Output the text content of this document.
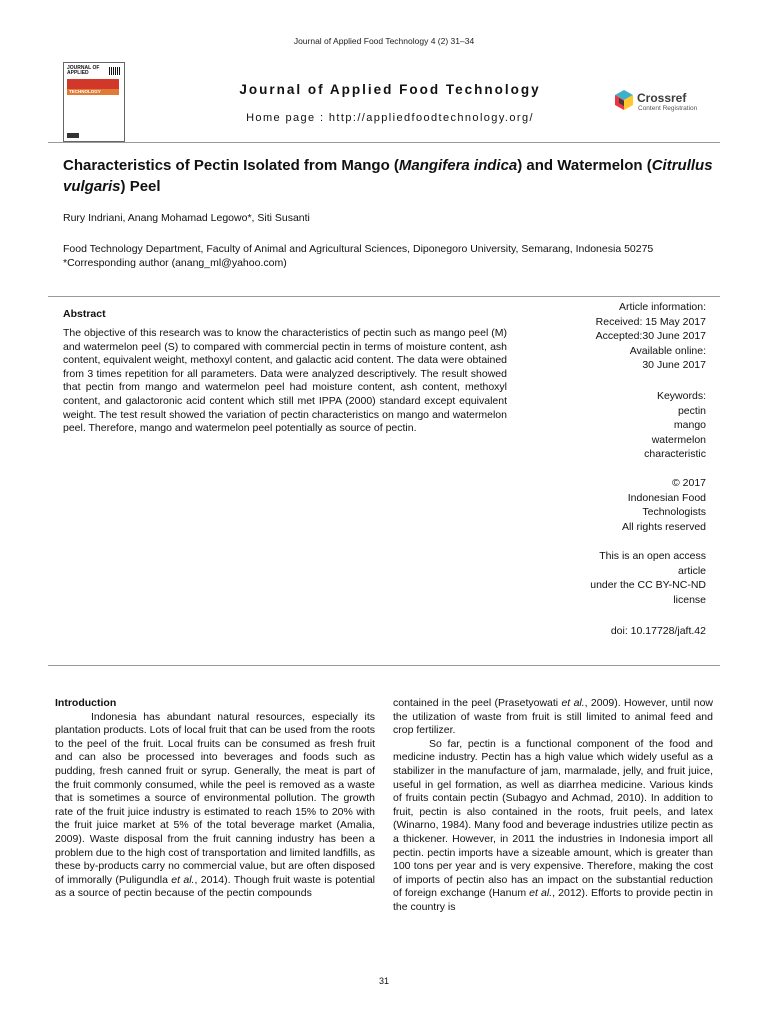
Journal of Applied Food Technology 4 (2) 31–34
JOURNAL OF APPLIED
TECHNOLOGY	Journal of Applied Food Technology
Home page : http://appliedfoodtechnology.org/
Crossref
Content Registration
Characteristics of Pectin Isolated from Mango (Mangifera indica) and Watermelon (Citrullus vulgaris) Peel
Rury Indriani, Anang Mohamad Legowo*, Siti Susanti
Food Technology Department, Faculty of Animal and Agricultural Sciences, Diponegoro University, Semarang, Indonesia 50275
*Corresponding author (anang_ml@yahoo.com)
Abstract
The objective of this research was to know the characteristics of pectin such as mango peel (M) and watermelon peel (S) to compared with commercial pectin in terms of moisture content, ash content, equivalent weight, methoxyl content, and galactic acid content. The data were obtained from 3 times repetition for all parameters. Data were analyzed descriptively. The result showed that pectin from mango and watermelon peel had moisture content, ash content, methoxyl content, and galactoronic acid content which still met IPPA (2000) standard except equivalent weight. The test result showed the variation of pectin characteristics on mango and watermelon peel. Therefore, mango and watermelon peel potentially as source of pectin.
Article information:
Received: 15 May 2017
Accepted:30 June 2017
Available online:
30 June 2017
Keywords:
pectin
mango
watermelon
characteristic
© 2017
Indonesian Food
Technologists
All rights reserved
This is an open access
article
under the CC BY-NC-ND
license
doi: 10.17728/jaft.42

Introduction

Indonesia has abundant natural resources, especially its plantation products. Lots of local fruit that can be used from the roots to the peel of the fruit. Local fruits can be consumed as fresh fruit and can also be processed into beverages and foods such as pudding, fresh canned fruit or syrup. Generally, the meat is part of the fruit commonly consumed, while the peel is removed as a waste that is sometimes a source of environmental pollution. The growth rate of the fruit juice industry is estimated to reach 15% to 20% with the fruit juice market at 5% of the total beverage market (Amalia, 2009). Waste disposal from the fruit canning industry has been a problem due to the high cost of transportation and limited landfills, as these by-products carry no commercial value, but are often disposed of immorally (Puligundla et al., 2014). Though fruit waste is potential as a source of pectin because of the pectin compounds

contained in the peel (Prasetyowati et al., 2009). However, until now the utilization of waste from fruit is still limited to animal feed and crop fertilizer.

So far, pectin is a functional component of the food and medicine industry. Pectin has a high value which widely useful as a stabilizer in the manufacture of jam, marmalade, jelly, and fruit juice, useful in gel formation, as well as diarrhea medicine. Various kinds of fruits contain pectin (Subagyo and Achmad, 2010). In addition to fruit, pectin is also contained in the roots, fruit peels, and latex (Winarno, 1984). Many food and beverage industries utilize pectin as a thickener. However, in 2011 the industries in Indonesia import all pectin. pectin imports have a sizeable amount, which is greater than 100 tons per year and is very expensive. Therefore, making the cost of imports of pectin also has an impact on the substantial reduction of foreign exchange (Hanum et al., 2012). Efforts to provide pectin in the country is

31
